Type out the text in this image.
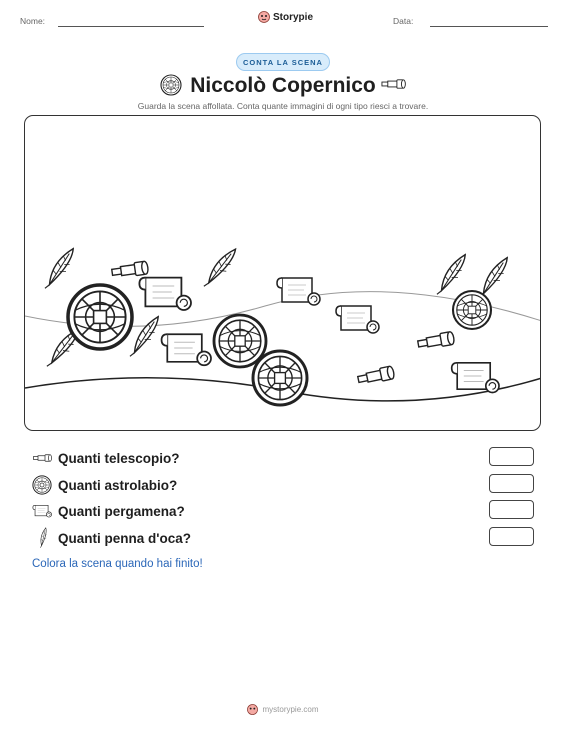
Nome:	Storypie	Data:
CONTA LA SCENA
Niccolò Copernico
Guarda la scena affollata. Conta quante immagini di ogni tipo riesci a trovare.
Quanti telescopio?
Quanti astrolabio?
Quanti pergamena?
Quanti penna d'oca?
Colora la scena quando hai finito!
mystorypie.com
